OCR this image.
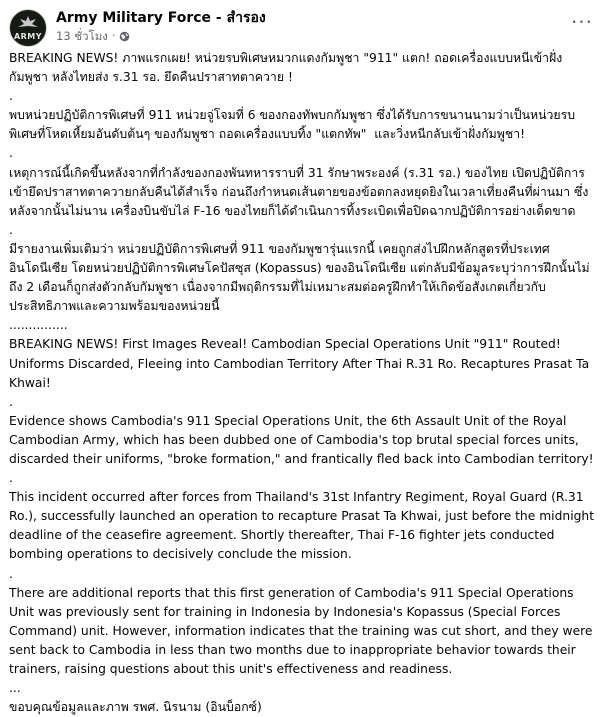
ARMY
Army Military Force - สำรอง
13 ชั่วโมง ·
···

BREAKING NEWS! ภาพแรกเผย! หน่วยรบพิเศษหมวกแดงกัมพูชา "911" แตก! ถอดเครื่องแบบหนีเข้าฝั่งกัมพูชา หลังไทยส่ง ร.31 รอ. ยึดคืนปราสาทตาควาย !

.

พบหน่วยปฏิบัติการพิเศษที่ 911 หน่วยจู่โจมที่ 6 ของกองทัพบกกัมพูชา ซึ่งได้รับการขนานนามว่าเป็นหน่วยรบพิเศษที่โหดเหี้ยมอันดับต้นๆ ของกัมพูชา ถอดเครื่องแบบทิ้ง "แตกทัพ"  และวิ่งหนีกลับเข้าฝั่งกัมพูชา!

.

เหตุการณ์นี้เกิดขึ้นหลังจากที่กำลังของกองพันทหารราบที่ 31 รักษาพระองค์ (ร.31 รอ.) ของไทย เปิดปฏิบัติการเข้ายึดปราสาทตาควายกลับคืนได้สำเร็จ ก่อนถึงกำหนดเส้นตายของข้อตกลงหยุดยิงในเวลาเที่ยงคืนที่ผ่านมา ซึ่งหลังจากนั้นไม่นาน เครื่องบินขับไล่ F-16 ของไทยก็ได้ดำเนินการทิ้งระเบิดเพื่อปิดฉากปฏิบัติการอย่างเด็ดขาด

.

มีรายงานเพิ่มเติมว่า หน่วยปฏิบัติการพิเศษที่ 911 ของกัมพูชารุ่นแรกนี้ เคยถูกส่งไปฝึกหลักสูตรที่ประเทศอินโดนีเซีย โดยหน่วยปฏิบัติการพิเศษโคปัสซุส (Kopassus) ของอินโดนีเซีย แต่กลับมีข้อมูลระบุว่าการฝึกนั้นไม่ถึง 2 เดือนก็ถูกส่งตัวกลับกัมพูชา เนื่องจากมีพฤติกรรมที่ไม่เหมาะสมต่อครูฝึกทำให้เกิดข้อสังเกตเกี่ยวกับประสิทธิภาพและความพร้อมของหน่วยนี้

...............

BREAKING NEWS! First Images Reveal! Cambodian Special Operations Unit "911" Routed! Uniforms Discarded, Fleeing into Cambodian Territory After Thai R.31 Ro. Recaptures Prasat Ta Khwai!

.

Evidence shows Cambodia's 911 Special Operations Unit, the 6th Assault Unit of the Royal Cambodian Army, which has been dubbed one of Cambodia's top brutal special forces units, discarded their uniforms, "broke formation," and frantically fled back into Cambodian territory!

.

This incident occurred after forces from Thailand's 31st Infantry Regiment, Royal Guard (R.31 Ro.), successfully launched an operation to recapture Prasat Ta Khwai, just before the midnight deadline of the ceasefire agreement. Shortly thereafter, Thai F-16 fighter jets conducted bombing operations to decisively conclude the mission.

.

There are additional reports that this first generation of Cambodia's 911 Special Operations Unit was previously sent for training in Indonesia by Indonesia's Kopassus (Special Forces Command) unit. However, information indicates that the training was cut short, and they were sent back to Cambodia in less than two months due to inappropriate behavior towards their trainers, raising questions about this unit's effectiveness and readiness.

...

ขอบคุณข้อมูลและภาพ รพศ. นิรนาม (อินบ็อกซ์)
